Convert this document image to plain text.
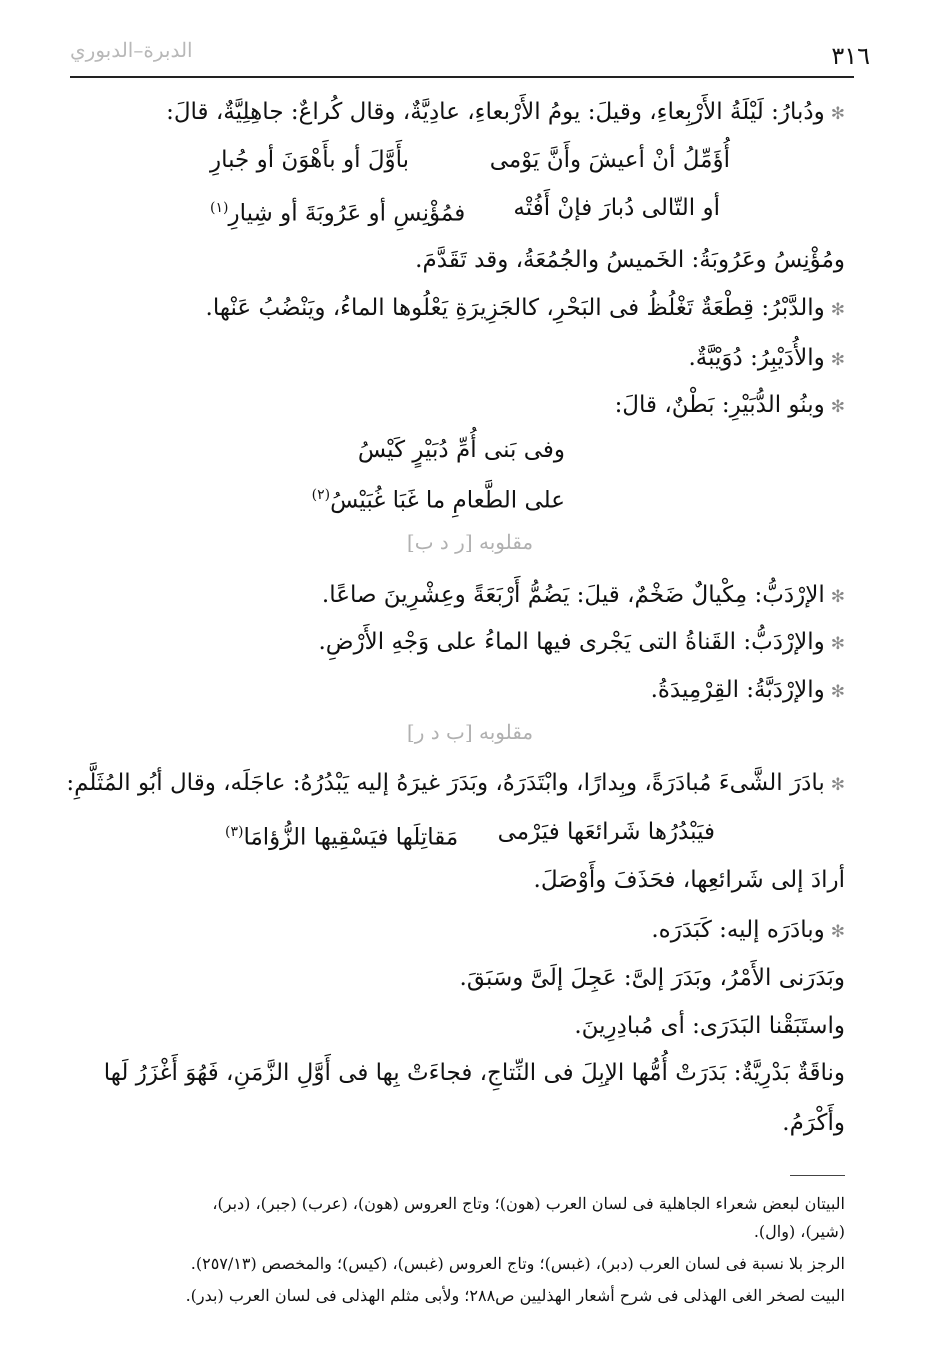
٣١٦
الدبرة–الدبوري
✻ودُبارُ: لَيْلَةُ الأَرْبِعاءِ، وقيلَ: يومُ الأَرْبعاءِ، عادِيَّةٌ، وقال كُراعٌ: جاهِلِيَّةٌ، قالَ:
أُؤَمِّلُ أنْ أعيشَ وأَنَّ يَوْمى
بأَوَّلَ أو بأَهْوَنَ أو جُبارِ
أو التّالى دُبارَ فإنْ أَفُتْه
فمُؤْنِسِ أو عَرُوبَةَ أو شِيارِ$^{(١)}$
ومُؤْنِسُ وعَرُوبَةُ: الخَميسُ والجُمُعَةُ، وقد تَقَدَّمَ.
✻والدَّبْرُ: قِطْعَةٌ تَغْلُظُ فى البَحْرِ، كالجَزِيرَةِ يَعْلُوها الماءُ، ويَنْضُبُ عَنْها.
✻والأُدَيْبِرُ: دُوَيْبَّةٌ.
✻وبنُو الدُّبَيْرِ: بَطْنٌ، قالَ:
وفى بَنى أُمِّ دُبَيْرٍ كَيْسُ
على الطَّعامِ ما غَبَا غُبَيْسُ$^{(٢)}$
مقلوبه [ر د ب]
✻الإرْدَبُّ: مِكْيالٌ ضَخْمٌ، قيلَ: يَضُمُّ أَرْبَعَةً وعِشْرِينَ صاعًا.
✻والإرْدَبُّ: القَناةُ التى يَجْرى فيها الماءُ على وَجْهِ الأَرْضِ.
✻والإرْدَبَّةُ: القِرْمِيدَةُ.
مقلوبه [ب د ر]
✻بادَرَ الشَّىءَ مُبادَرَةً، وبِدارًا، وابْتَدَرَهُ، وبَدَرَ غيرَهُ إليه يَبْدُرُهُ: عاجَلَه، وقال أبُو المُثَلَّمِ:
فيَبْدُرُها شَرائعَها فيَرْمى
مَقاتِلَها فيَسْقِيها الزُّؤامَا$^{(٣)}$
أرادَ إلى شَرائعِها، فحَذَفَ وأَوْصَلَ.
✻وبادَرَه إليه: كَبَدَرَه.
وبَدَرَنى الأَمْرُ، وبَدَرَ إلىَّ: عَجِلَ إلَىَّ وسَبَقَ.
واستَبَقْنا البَدَرَى: أى مُبادِرِينَ.
وناقَةٌ بَدْرِيَّةٌ: بَدَرَتْ أُمُّها الإبِلَ فى النِّتاجِ، فجاءَتْ بِها فى أَوَّلِ الزَّمَنِ، فَهُوَ أَغْزَرُ لَها
وأَكْرَمُ.
البيتان لبعض شعراء الجاهلية فى لسان العرب (هون)؛ وتاج العروس (هون)، (عرب) (جبر)، (دبر)،
(شير)، (وال).
الرجز بلا نسبة فى لسان العرب (دبر)، (غبس)؛ وتاج العروس (غبس)، (كيس)؛ والمخصص (٢٥٧/١٣).
البيت لصخر الغى الهذلى فى شرح أشعار الهذليين ص٢٨٨؛ ولأبى مثلم الهذلى فى لسان العرب (بدر).
